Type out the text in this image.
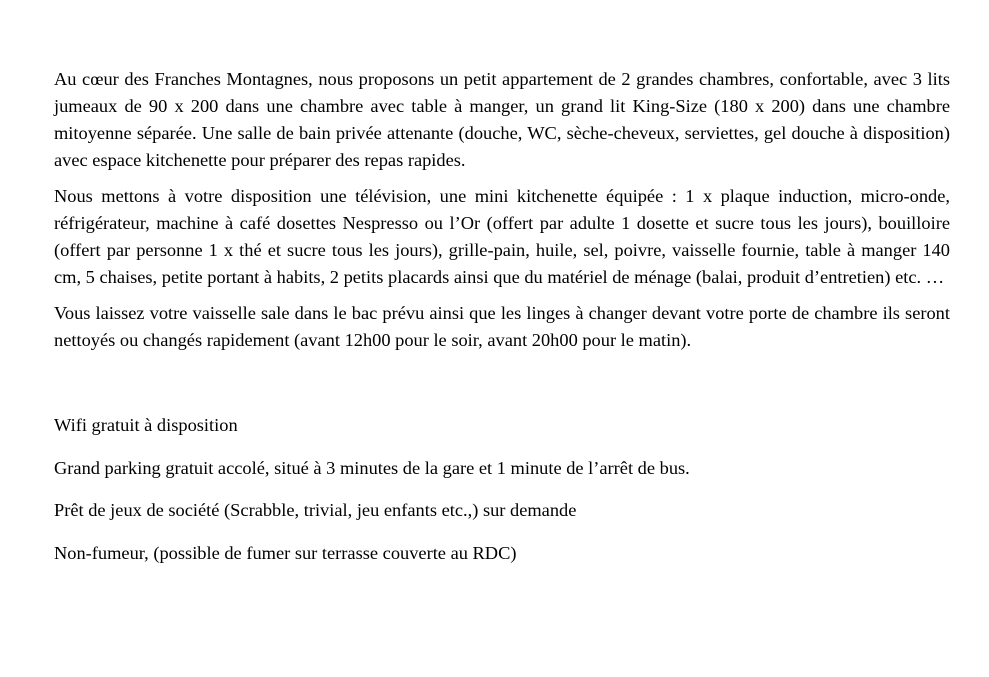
Au cœur des Franches Montagnes, nous proposons un petit appartement de 2 grandes chambres, confortable, avec 3 lits jumeaux de 90 x 200 dans une chambre avec table à manger, un grand lit King-Size (180 x 200) dans une chambre mitoyenne séparée. Une salle de bain privée attenante (douche, WC, sèche-cheveux, serviettes, gel douche à disposition) avec espace kitchenette pour préparer des repas rapides.

Nous mettons à votre disposition une télévision, une mini kitchenette équipée : 1 x plaque induction, micro-onde, réfrigérateur, machine à café dosettes Nespresso ou l’Or (offert par adulte 1 dosette et sucre tous les jours), bouilloire (offert par personne 1 x thé et sucre tous les jours), grille-pain, huile, sel, poivre, vaisselle fournie, table à manger 140 cm, 5 chaises, petite portant à habits, 2 petits placards ainsi que du matériel de ménage (balai, produit d’entretien) etc. …

Vous laissez votre vaisselle sale dans le bac prévu ainsi que les linges à changer devant votre porte de chambre ils seront nettoyés ou changés rapidement (avant 12h00 pour le soir, avant 20h00 pour le matin).

Wifi gratuit à disposition

Grand parking gratuit accolé, situé à 3 minutes de la gare et 1 minute de l’arrêt de bus.

Prêt de jeux de société (Scrabble, trivial, jeu enfants etc.,) sur demande

Non-fumeur, (possible de fumer sur terrasse couverte au RDC)
